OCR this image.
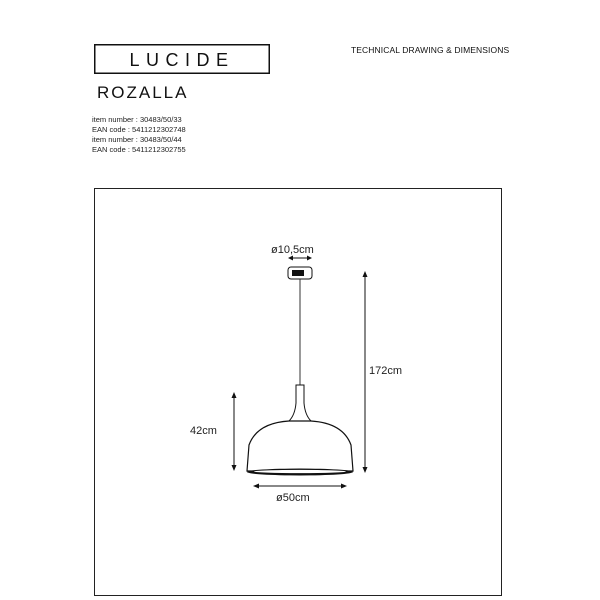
LUCIDE	TECHNICAL DRAWING & DIMENSIONS
ROZALLA
item number : 30483/50/33
EAN code : 5411212302748
item number : 30483/50/44
EAN code : 5411212302755
ø10,5cm
172cm
42cm
ø50cm
